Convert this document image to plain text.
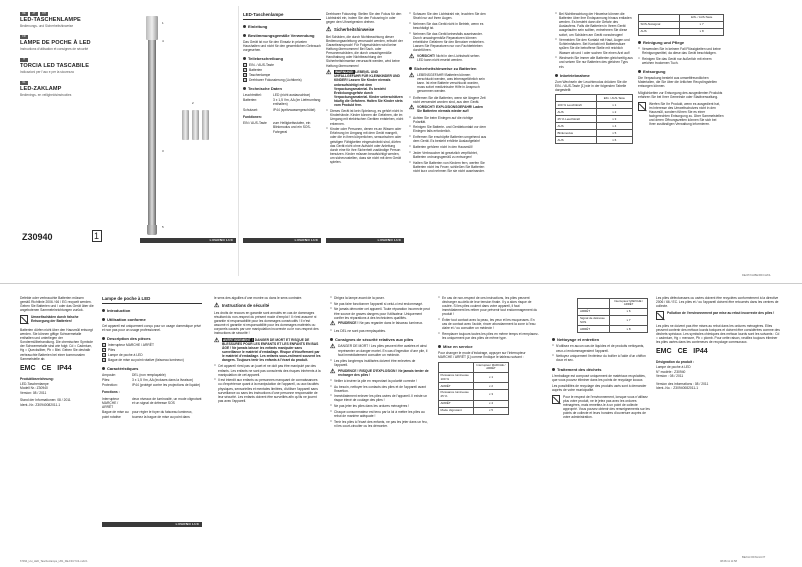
DE	AT	CH
LED-TASCHENLAMPE
Bedienungs- und Sicherheitshinweise
FR
LAMPE DE POCHE À LED
Instructions d'utilisation et consignes de sécurité
IT
TORCIA LED TASCABILE
Indicazioni per l'uso e per la sicurezza
NL
LED-ZAKLAMP
Bedienings- en veiligheidsinstructies
Z30940	1
1
4
2
3
5
LIVARNO LUX
LED-Taschenlampe
Einleitung
Bestimmungsgemäße Verwendung

Das Gerät ist nur für den Einsatz in privaten Haushalten und nicht für den gewerblichen Gebrauch vorgesehen.

Teilebeschreibung
1 EIN- / AUS-Taste
2 Batterien
3 Taschenlampe
4 Drehbarer Fokussierung (Lichtkreis)
Technische Daten
Leuchtmittel:	LED (nicht austauschbar)
Batterien:	3 x 1,5 Vm, AA (im Lieferumfang enthalten)
Schutzart:	IP44 (spritzwassergeschützt)

Funktionen:

EIN / AUS-Taste	zum Helligkeitsstufen, ein Blinkmodus und ein SOS-Fahrgeral
LIVARNO LUX

Drehbarer Fokusring: Stellen Sie den Fokus für den Lichtstrahl ein, indem Sie den Fokusring in oder gegen den Uhrzeigersinn drehen.

⚠ Sicherheitshinweise

Bei Schäden, die durch Nichtbeachtung dieser Bedienungsanleitung verursacht werden, erlischt der Garantieanspruch! Für Folgeschäden wird keine Haftung übernommen! Bei Sach- oder Personenschäden, die durch unsachgemäße Handhabung oder Nichtbeachtung der Sicherheitshinweise verursacht werden, wird keine Haftung übernommen!

⚠	WARNUNG! LEBENS- UND UNFALLGEFAHR FÜR KLEINKINDER UND KINDER! Lassen Sie Kinder niemals unbeaufsichtigt mit dem Verpackungsmaterial. Es besteht Erstickungsgefahr durch Verpackungsmaterial. Kinder unterschätzen häufig die Gefahren. Halten Sie Kinder stets vom Produkt fern.
□ Dieses Gerät ist kein Spielzeug, es gehört nicht in Kinderhände. Kinder können die Gefahren, die im Umgang mit elektrischen Geräten entstehen, nicht erkennen.
□ Kinder oder Personen, denen es an Wissen oder Erfahrung im Umgang mit dem Gerät mangelt, oder die in ihren körperlichen, sensorischen oder geistigen Fähigkeiten eingeschränkt sind, dürfen das Gerät nicht ohne Aufsicht oder Anleitung durch eine für ihre Sicherheit zuständige Person benutzen. Kinder müssen beaufsichtigt werden, um sicherzustellen, dass sie nicht mit dem Gerät spielen.
LIVARNO LUX
□ Schauen Sie den Lichtstrahl nie, leuchten Sie den Strahl nur auf Ihren Augen.
□ Nehmen Sie das Gerät nicht in Betrieb, wenn es beschädigt ist.
□ Nehmen Sie das Gerät keinesfalls auseinander. Durch unsachgemäße Reparaturen können erhebliche Gefahren für den Benutzer entstehen. Lassen Sie Reparaturen nur von Fachbetrieben durchführen.
⚠ VORSICHT! Nicht in den Lichtstrahl sehen. LED kann nicht ersetzt werden.
Sicherheitshinweise zu Batterien
⚠ LEBENSGEFAHR! Batterien können verschluckt werden, was lebensgefährlich sein kann. Ist eine Batterie verschluckt worden, muss sofort medizinische Hilfe in Anspruch genommen werden.
□ Entfernen Sie die Batterien, wenn sie längere Zeit nicht verwendet worden sind, aus dem Gerät.
⚠ VORSICHT! EXPLOSIONSGEFAHR! Laden Sie Batterien niemals wieder auf!
□ Achten Sie beim Einlegen auf die richtige Polarität.
□ Reinigen Sie Batterie- und Gerätekontakt vor dem Einlegen falls erforderlich.
□ Entfernen Sie erschöpfte Batterien umgehend aus dem Gerät. Es besteht erhöhte Auslaufgefahr!
□ Batterien gehören nicht in den Hausmüll!
□ Jeder Verbraucher ist gesetzlich verpflichtet, Batterien ordnungsgemäß zu entsorgen!
□ Halten Sie Batterien von Kindern fern, werfen Sie Batterien nicht ins Feuer, schließen Sie Batterien nicht kurz und nehmen Sie sie nicht auseinander.
□ Bei Nichtbeachtung der Hinweise können die Batterien über ihre Endspannung hinaus entladen werden. Es besteht dann die Gefahr des Auslaufens. Falls die Batterien in Ihrem Gerät ausgelaufen sein sollten, entnehmen Sie diese sofort, um Schäden am Gerät vorzubeugen!
□ Vermeiden Sie den Kontakt mit Haut, Augen und Schleimhäuten. Bei Kontakt mit Batteriesäure spülen Sie die betroffene Stelle mit reichlich Wasser ab und / oder suchen Sie einen Arzt auf!
□ Wechseln Sie immer alle Batterien gleichzeitig aus und setzen Sie nur Batterien des gleichen Typs ein.
Inbetriebnahme

Zum Wechseln der Leuchtmodus drücken Sie die EIN- / AUS-Taste [1] wie in der folgenden Tabelle dargestellt:

	EIN- / AUS-Taste
100 % Leuchtkraft	x 1
AUS	x 2
25 % Leuchtkraft	x 3
AUS	x 4
Blinkmodus	x 5
AUS	x 6
	EIN- / AUS-Taste
SOS-Notsignal	x 7
AUS	x 8
Reinigung und Pflege
□ Verwenden Sie in keinem Fall Flüssigkeiten und keine Reinigungsmittel, da diese das Gerät beschädigen.
□ Reinigen Sie das Gerät nur äußerlich mit einem weichen trockenen Tuch.
Entsorgung

Die Verpackung besteht aus umweltfreundlichen Materialien, die Sie über die örtlichen Recyclingstellen entsorgen können.

Möglichkeiten zur Entsorgung des ausgedienten Produkts erfahren Sie bei Ihrer Gemeinde oder Stadtverwaltung.

Werfen Sie Ihr Produkt, wenn es ausgedient hat, im Interesse des Umweltschutzes nicht in den Hausmüll, sondern führen Sie es einer fachgerechten Entsorgung zu. Über Sammelstellen und deren Öffnungszeiten können Sie sich bei Ihrer zuständigen Verwaltung informieren.
DE/AT/CH/BE/FR/CH/NL

Defekte oder verbrauchte Batterien müssen gemäß Richtlinie 2006 / 66 / EG recycelt werden. Geben Sie Batterien und / oder das Gerät über die angebotenen Sammeleinrichtungen zurück.

Umweltschäden durch falsche Entsorgung der Batterien!

Batterien dürfen nicht über den Hausmüll entsorgt werden. Sie können giftige Schwermetalle enthalten und unterliegen der Sondermüllbehandlung. Die chemischen Symbole der Schwermetalle sind wie folgt: Cd = Cadmium, Hg = Quecksilber, Pb = Blei. Geben Sie deshalb verbrauchte Batterien bei einer kommunalen Sammelstelle ab.

EMC CE IP44

Produktbezeichnung:

LED-Taschenlampe

Modell Nr.: Z30940

Version: 08 / 2011

Stand der Informationen: 08 / 2011

Ident.-Nr.: Z30940082011-1

Lampe de poche à LED
Introduction
Utilisation conforme

Cet appareil est uniquement conçu pour un usage domestique privé et non pas pour un usage professionnel.

Description des pièces
1 Interrupteur MARCHE / ARRÊT
2 Piles
3 Lampe de poche à LED
4 Bague de mise au point rotative (faisceau lumineux)
Caractéristiques
Ampoule:	DEL (non remplaçable)
Piles:	3 x 1,5 Vm, AA (incluses dans la livraison)
Protection:	IP44 (protégé contre les projections de liquide)

Fonctions :

Interrupteur MARCHE / ARRÊT
deux niveaux de luminosité, un mode clignotant et un signal de détresse SOS
Bague de mise au point rotative
pour régler le foyer du faisceau lumineux, tournez la bague de mise au point dans
LIVARNO LUX

le sens des aiguilles d'une montre ou dans le sens contraire.

⚠ Instructions de sécurité

Les droits de recours en garantie sont annulés en cas de dommages résultant du non-respect du présent mode d'emploi ! Il n'est assumé ni garantie ni responsabilité pour les dommages consécutifs ! Il n'est assumé ni garantie ni responsabilité pour les dommages matériels ou corporels causés par une manipulation incorrecte ou le non-respect des instructions de sécurité !

⚠	AVERTISSEMENT ! DANGER DE MORT ET RISQUE DE BLESSURES POUR LES ENFANTS ET LES ENFANTS EN BAS ÂGE ! Ne jamais laisser les enfants manipuler sans surveillance le matériel d'emballage. Risque d'étouffement par le matériel d'emballage. Les enfants sous-estiment souvent les dangers. Toujours tenir les enfants à l'écart du produit.
□ Cet appareil n'est pas un jouet et ne doit pas être manipulé par des enfants. Les enfants ne sont pas conscients des risques inhérents à la manipulation de cet appareil.
□ Il est interdit aux enfants ou personnes manquant de connaissances ou d'expérience quant à la manipulation de l'appareil, ou aux facultés physiques, sensorielles et mentales limitées, d'utiliser l'appareil sans surveillance ou sans les instructions d'une personne responsable de leur sécurité. Les enfants doivent être surveillés afin qu'ils ne jouent pas avec l'appareil.
□ Dirigez la lampe avant de la poser.
□ Ne pas faire fonctionner l'appareil si celui-ci est endommagé.
□ Ne jamais démonter cet appareil. Toute réparation incorrecte peut être source de graves dangers pour l'utilisateur. Uniquement confier les réparations à des techniciens qualifiés.
⚠ PRUDENCE ! Ne pas regarder dans le faisceau lumineux.
□ Les DEL ne sont pas remplaçables.
Consignes de sécurité relatives aux piles
⚠ DANGER DE MORT ! Les piles peuvent être avalées et ainsi représenter un danger mortel. En cas d'ingestion d'une pile, il faut immédiatement consulter un médecin.
□ Les piles longtemps inutilisées doivent être enlevées de l'appareil.
⚠ PRUDENCE ! RISQUE D'EXPLOSION ! Ne jamais tenter de recharger des piles !
□ Veiller à insérer la pile en respectant la polarité correcte !
□ Au besoin, nettoyer les contacts des piles et de l'appareil avant l'insertion.
□ Immédiatement enlever les piles usées de l'appareil. Il existe un risque élevé de coulage des piles !
□ Ne pas jeter les piles dans les ordures ménagères !
□ Chaque consommateur est tenu par la loi à mettre les piles au rebut de manière adéquate !
□ Tenir les piles à l'écart des enfants, ne pas les jeter dans un feu, ni les court-circuiter ou les démonter.
□ En cas de non-respect de ces instructions, les piles peuvent décharger au-delà de leur tension finale. Il y a alors risque de coulée. Si les piles coulent dans votre appareil, il faut immédiatement les retirer pour prévenir tout endommagement du produit !
□ Éviter tout contact avec la peau, les yeux et les muqueuses. En cas de contact avec l'acide, rincer abondamment la zone à l'eau claire et / ou consulter un médecin !
□ Remplacer toujours toutes les piles en même temps et remplacez-les uniquement par des piles de même type.
Mise en service

Pour changer le mode d'éclairage, appuyer sur l'interrupteur MARCHE / ARRÊT [1] comme l'indique le tableau suivant :

	Interrupteur MARCHE / ARRÊT
Puissance lumineuse 100 %	x 1
ARRÊT	x 2
Puissance lumineuse 25 %	x 3
ARRÊT	x 4
Mode clignotant	x 5
	Interrupteur MARCHE / ARRÊT
ARRÊT	x 6
Signal de détresse SOS	x 7
ARRÊT	x 8
Nettoyage et entretien
□ N'utilisez en aucun cas de liquides et de produits nettoyants, ceux-ci endommageraient l'appareil.
□ Nettoyez uniquement l'extérieur du boîtier à l'aide d'un chiffon doux et sec.
Traitement des déchets

L'emballage est composé uniquement de matériaux recyclables, que vous pouvez éliminer dans les points de recyclage locaux.

Les possibilités de recyclage des produits usés sont à demander auprès de votre municipalité.

Pour le respect de l'environnement, lorsque vous n'utilisez plus votre produit, ne le jetez pas avec les ordures ménagères, mais remettez-le à un point de collecte approprié. Vous pouvez obtenir des renseignements sur les points de collecte et leurs horaires d'ouverture auprès de votre administration.

Les piles défectueuses ou usées doivent être recyclées conformément à la directive 2006 / 66 / EC. Les piles et / ou l'appareil doivent être retournés dans les centres de collecte.

Pollution de l'environnement par mise au rebut incorrecte des piles !

Les piles ne doivent pas être mises au rebut dans les ordures ménagères. Elles peuvent contenir des métaux lourds toxiques et doivent être considérées comme des déchets spéciaux. Les symboles chimiques des métaux lourds sont les suivants : Cd = cadmium, Hg = mercure, Pb = plomb. Pour cette raison, veuillez toujours éliminer les piles usées dans les conteneurs de recyclage communaux.

EMC CE IP44

Désignation du produit :

Lampe de poche à LED

N° modèle : Z30940

Version : 08 / 2011

Version des informations : 08 / 2011

Ident.-No. : Z30940082011-1

BE/CH FR/NL/LU/IT
67394_Livi_LED_Taschenlampe_LB1_DE-FR-IT-NL.indd 1	08.08.11 11:58
